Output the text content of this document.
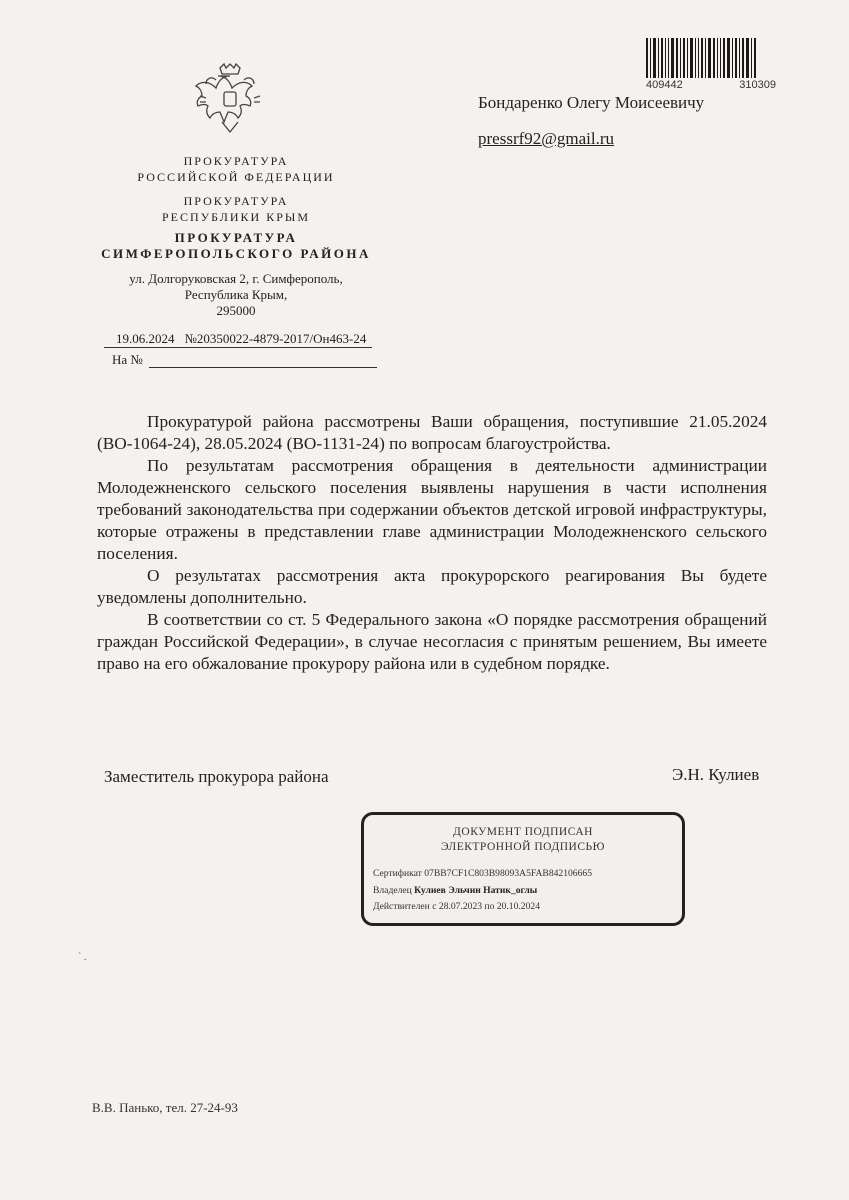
409442	310309
Бондаренко Олегу Моисеевичу
pressrf92@gmail.ru
ПРОКУРАТУРА
РОССИЙСКОЙ ФЕДЕРАЦИИ
ПРОКУРАТУРА
РЕСПУБЛИКИ КРЫМ
ПРОКУРАТУРА
СИМФЕРОПОЛЬСКОГО РАЙОНА
ул. Долгоруковская 2, г. Симферополь,
Республика Крым,
295000
19.06.2024 №20350022-4879-2017/Он463-24
На №

Прокуратурой района рассмотрены Ваши обращения, поступившие 21.05.2024 (ВО-1064-24), 28.05.2024 (ВО-1131-24) по вопросам благоустройства.

По результатам рассмотрения обращения в деятельности администрации Молодежненского сельского поселения выявлены нарушения в части исполнения требований законодательства при содержании объектов детской игровой инфраструктуры, которые отражены в представлении главе администрации Молодежненского сельского поселения.

О результатах рассмотрения акта прокурорского реагирования Вы будете уведомлены дополнительно.

В соответствии со ст. 5 Федерального закона «О порядке рассмотрения обращений граждан Российской Федерации», в случае несогласия с принятым решением, Вы имеете право на его обжалование прокурору района или в судебном порядке.

Заместитель прокурора района	Э.Н. Кулиев
ДОКУМЕНТ ПОДПИСАН
ЭЛЕКТРОННОЙ ПОДПИСЬЮ
Сертификат 07BB7CF1C803B98093A5FAB842106665
Владелец Кулиев Эльчин Натик_оглы
Действителен с 28.07.2023 по 20.10.2024
` .
В.В. Панько, тел. 27-24-93
